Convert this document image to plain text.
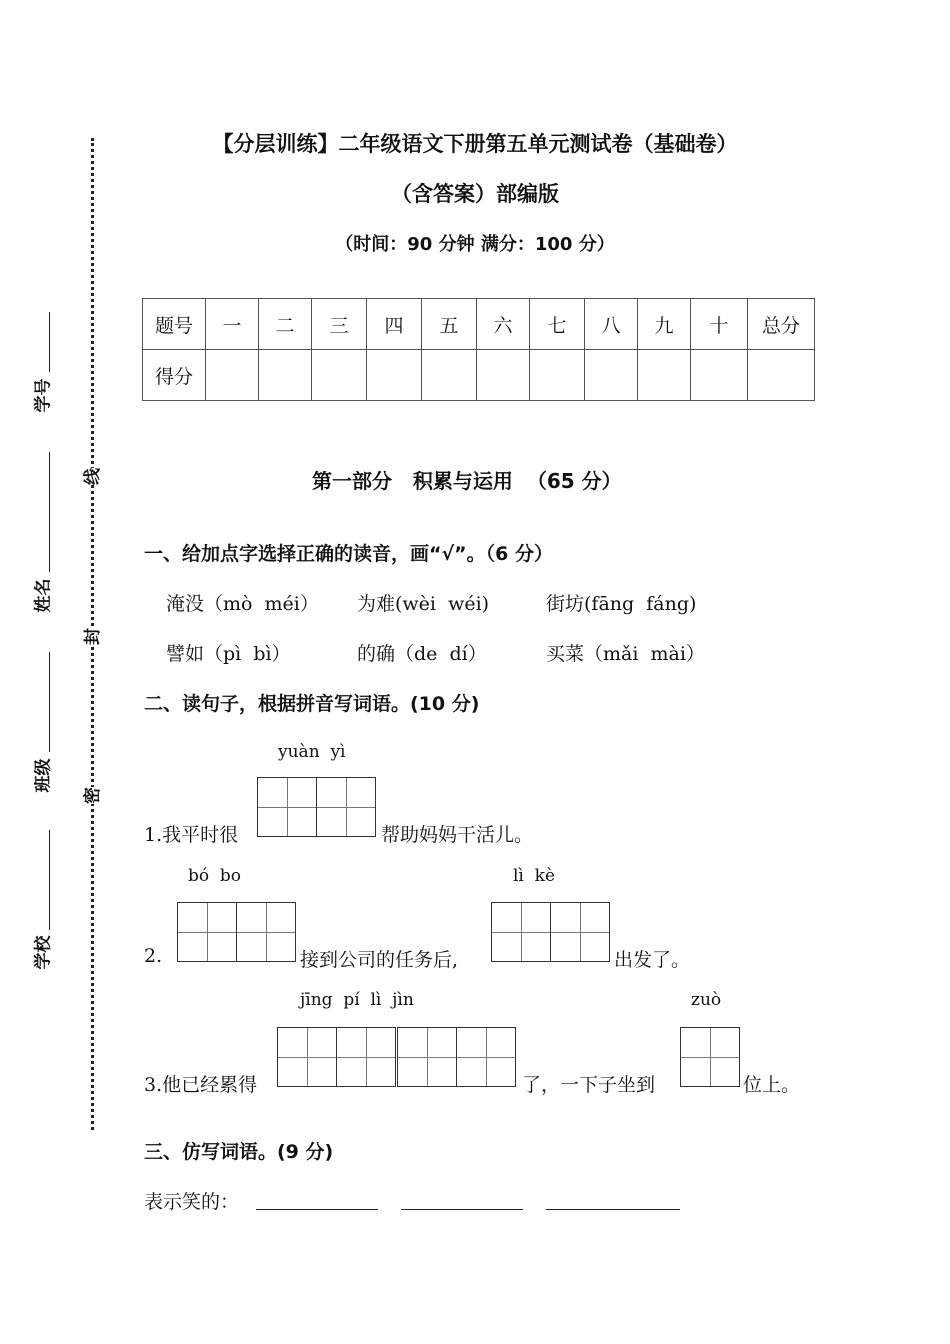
学号
姓名
班级
学校
线
封
密
【分层训练】二年级语文下册第五单元测试卷（基础卷）
（含答案）部编版
（时间：90 分钟 满分：100 分）
题号	一	二	三	四	五	六	七	八	九	十	总分
得分											
第一部分   积累与运用  （65 分）
一、给加点字选择正确的读音，画“√”。（6 分）
淹没（mò  méi） 为难(wèi  wéi)	街坊(fāng  fáng)
譬如（pì  bì）	的确（de  dí）	买菜（mǎi  mài）
二、读句子，根据拼音写词语。(10 分)
yuàn  yì
1.我平时很	帮助妈妈干活儿。
bó  bo	lì  kè
2.	接到公司的任务后,	出发了。
jīng  pí  lì  jìn	zuò
3.他已经累得	了，一下子坐到	位上。
三、仿写词语。(9 分)
表示笑的：
